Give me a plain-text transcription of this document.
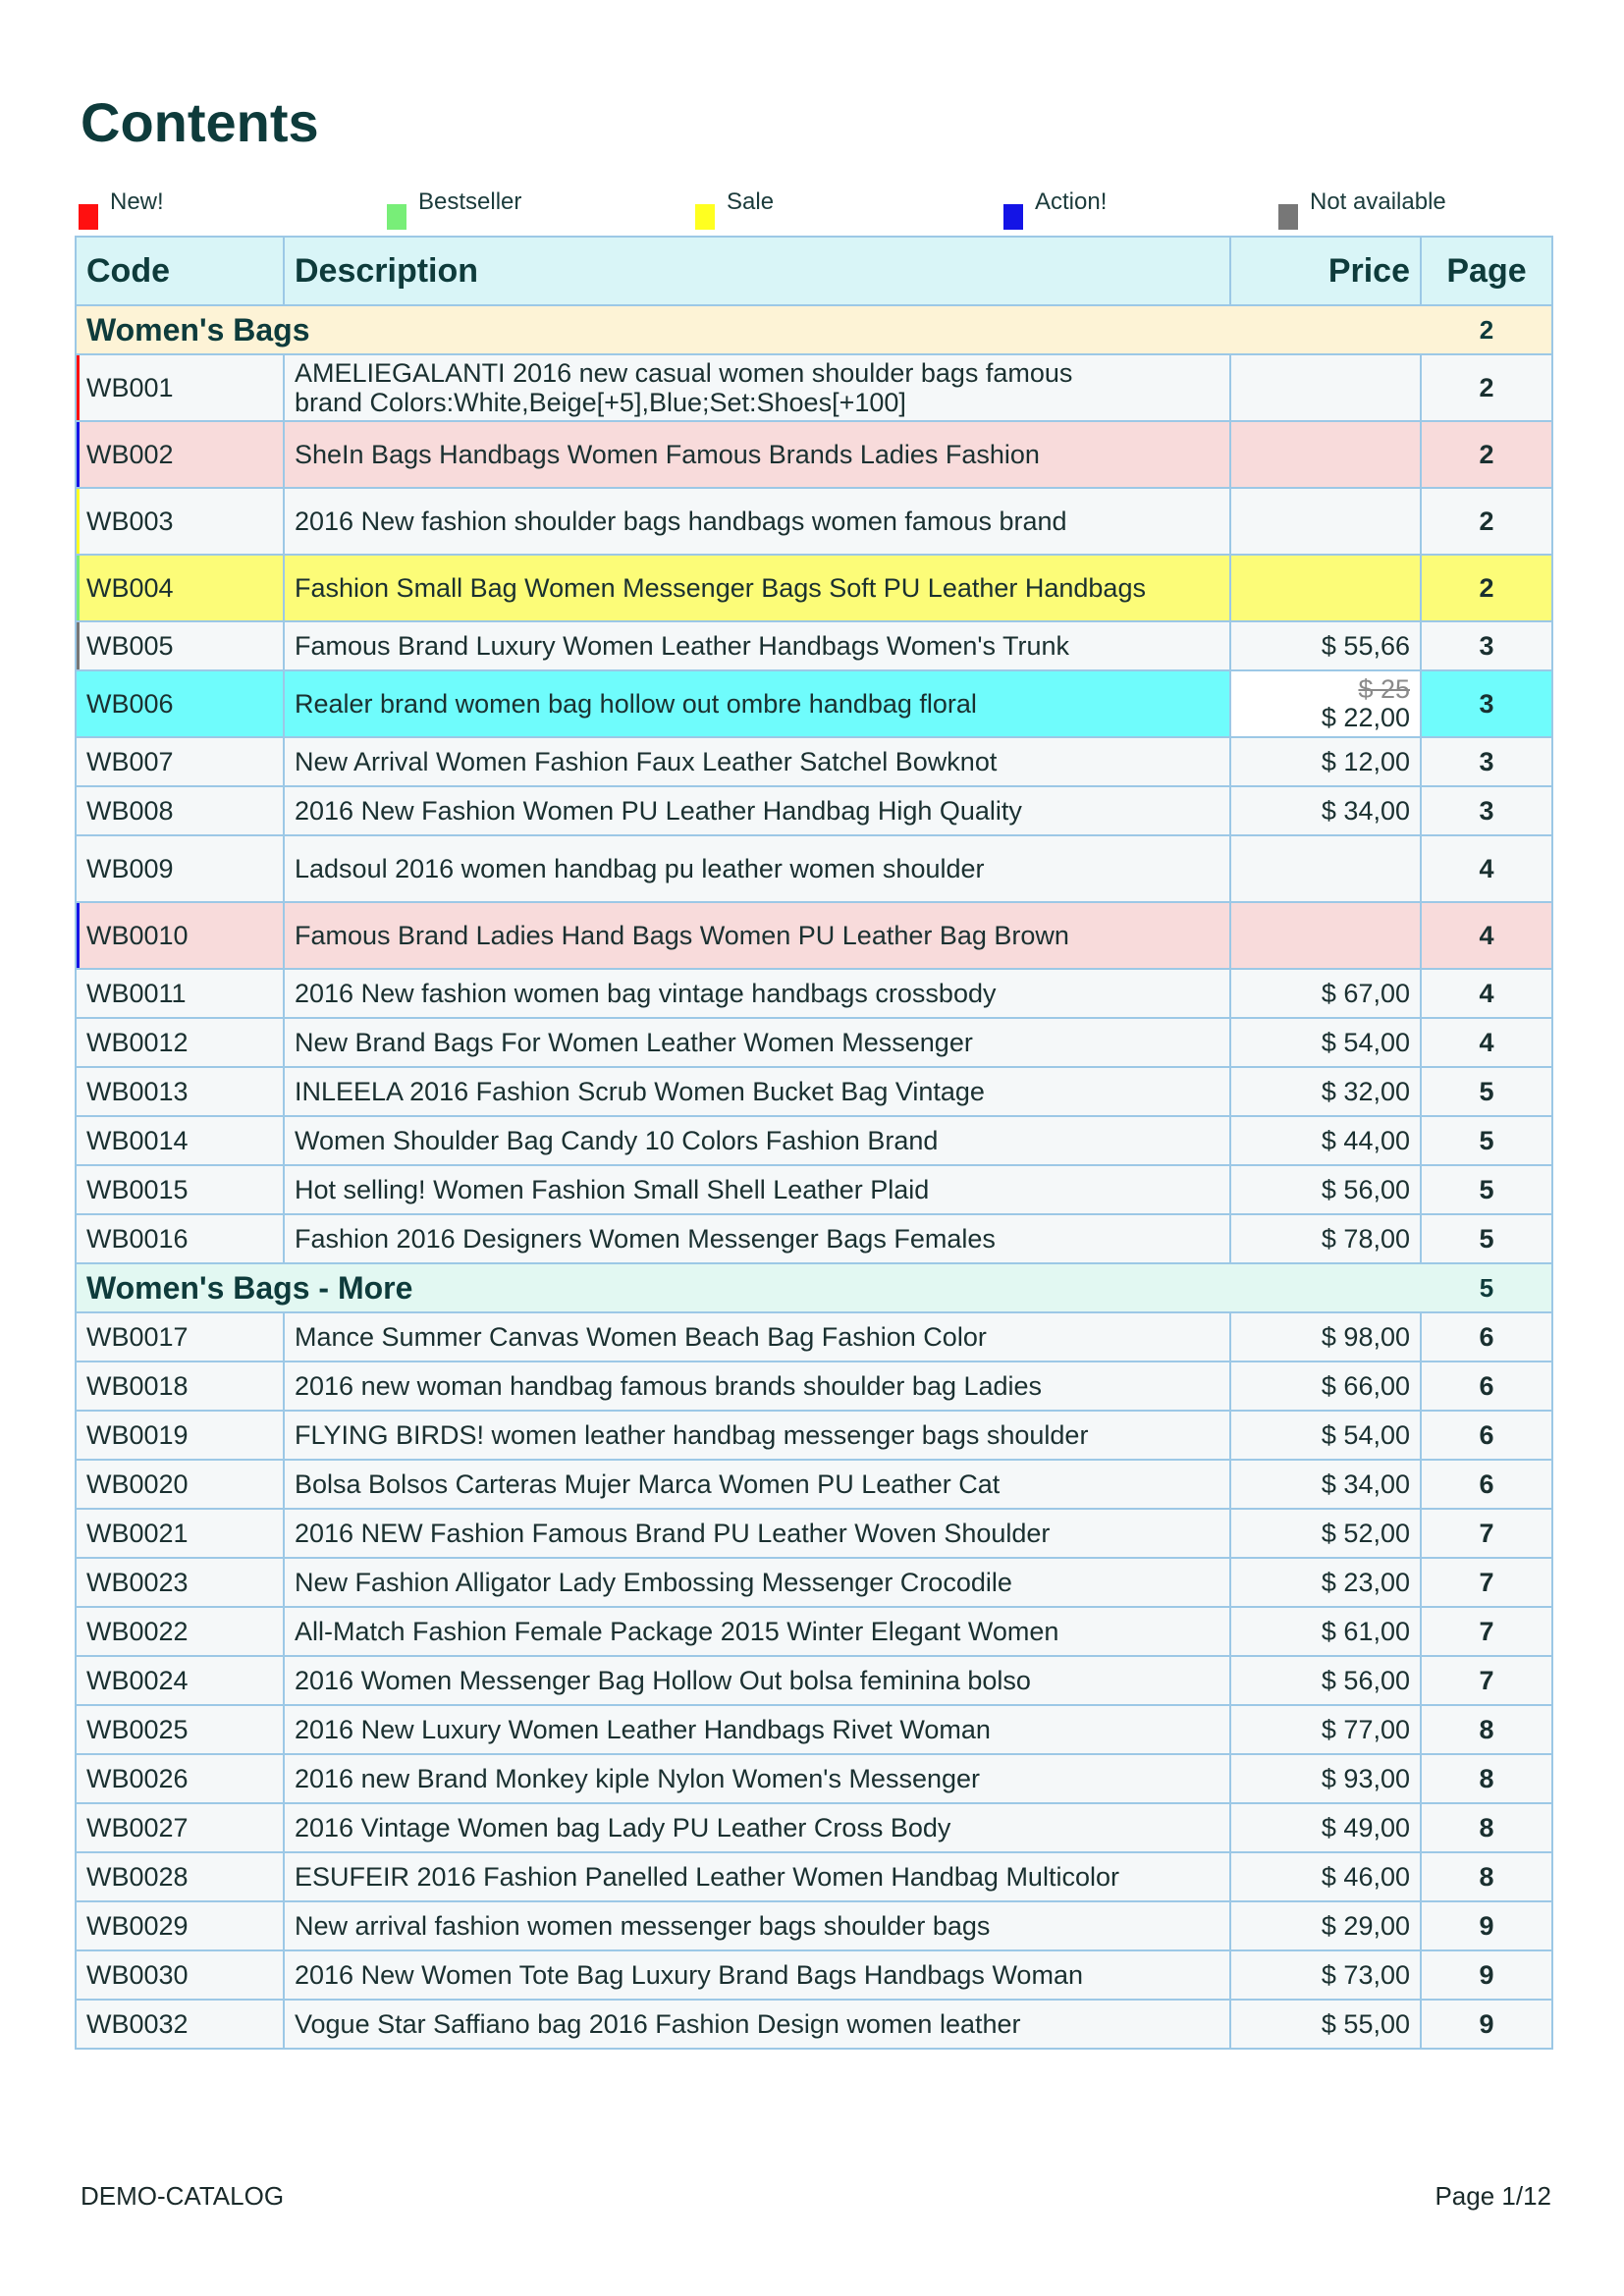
Contents
New!	Bestseller	Sale	Action!	Not available
Code	Description	Price	Page
Women's Bags			2

WB001	AMELIEGALANTI 2016 new casual women shoulder bags famous
brand Colors:White,Beige[+5],Blue;Set:Shoes[+100]		2

WB002	SheIn Bags Handbags Women Famous Brands Ladies Fashion		2

WB003	2016 New fashion shoulder bags handbags women famous brand		2

WB004	Fashion Small Bag Women Messenger Bags Soft PU Leather Handbags		2

WB005	Famous Brand Luxury Women Leather Handbags Women's Trunk	$ 55,66	3
WB006	Realer brand women bag hollow out ombre handbag floral	$ 25
$ 22,00	3
WB007	New Arrival Women Fashion Faux Leather Satchel Bowknot	$ 12,00	3
WB008	2016 New Fashion Women PU Leather Handbag High Quality	$ 34,00	3
WB009	Ladsoul 2016 women handbag pu leather women shoulder		4

WB0010	Famous Brand Ladies Hand Bags Women PU Leather Bag Brown		4
WB0011	2016 New fashion women bag vintage handbags crossbody	$ 67,00	4
WB0012	New Brand Bags For Women Leather Women Messenger	$ 54,00	4
WB0013	INLEELA 2016 Fashion Scrub Women Bucket Bag Vintage	$ 32,00	5
WB0014	Women Shoulder Bag Candy 10 Colors Fashion Brand	$ 44,00	5
WB0015	Hot selling! Women Fashion Small Shell Leather Plaid	$ 56,00	5
WB0016	Fashion 2016 Designers Women Messenger Bags Females	$ 78,00	5
Women's Bags - More			5
WB0017	Mance Summer Canvas Women Beach Bag Fashion Color	$ 98,00	6
WB0018	2016 new woman handbag famous brands shoulder bag Ladies	$ 66,00	6
WB0019	FLYING BIRDS! women leather handbag messenger bags shoulder	$ 54,00	6
WB0020	Bolsa Bolsos Carteras Mujer Marca Women PU Leather Cat	$ 34,00	6
WB0021	2016 NEW Fashion Famous Brand PU Leather Woven Shoulder	$ 52,00	7
WB0023	New Fashion Alligator Lady Embossing Messenger Crocodile	$ 23,00	7
WB0022	All-Match Fashion Female Package 2015 Winter Elegant Women	$ 61,00	7
WB0024	2016 Women Messenger Bag Hollow Out bolsa feminina bolso	$ 56,00	7
WB0025	2016 New Luxury Women Leather Handbags Rivet Woman	$ 77,00	8
WB0026	2016 new Brand Monkey kiple Nylon Women's Messenger	$ 93,00	8
WB0027	2016 Vintage Women bag Lady PU Leather Cross Body	$ 49,00	8
WB0028	ESUFEIR 2016 Fashion Panelled Leather Women Handbag Multicolor	$ 46,00	8
WB0029	New arrival fashion women messenger bags shoulder bags	$ 29,00	9
WB0030	2016 New Women Tote Bag Luxury Brand Bags Handbags Woman	$ 73,00	9
WB0032	Vogue Star Saffiano bag 2016 Fashion Design women leather	$ 55,00	9
DEMO-CATALOG	Page 1/12
